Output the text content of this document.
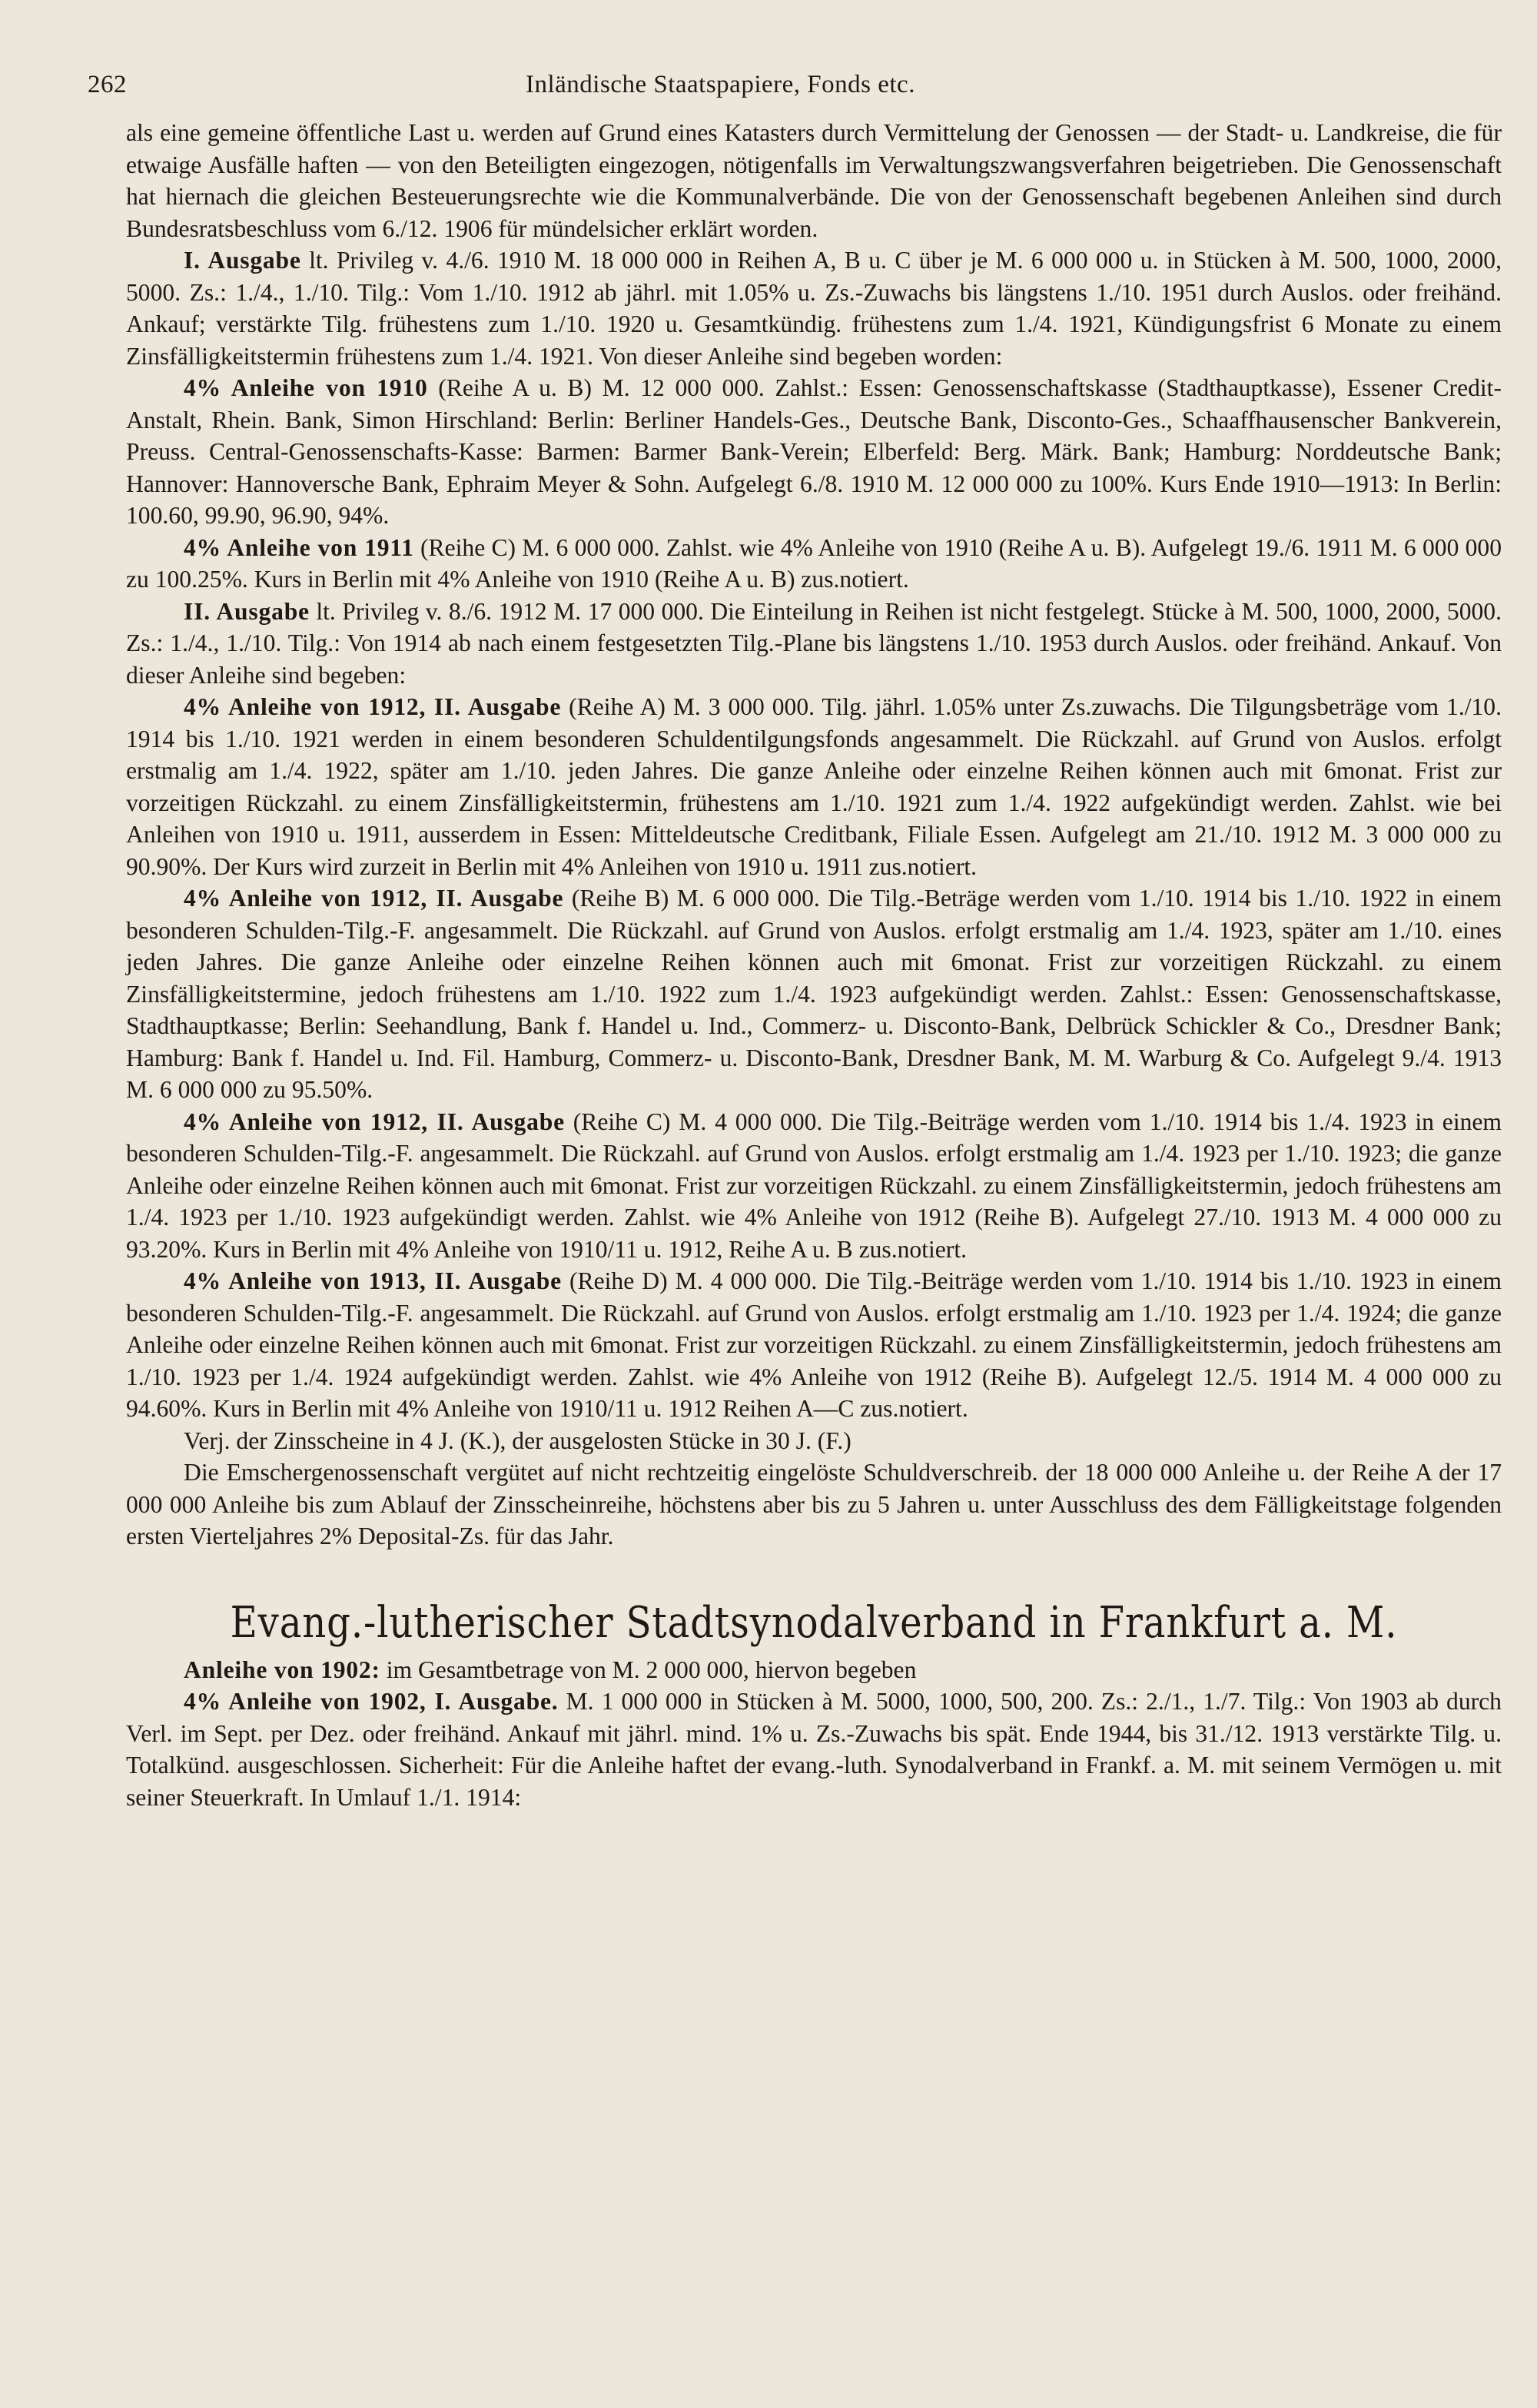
262	Inländische Staatspapiere, Fonds etc.

als eine gemeine öffentliche Last u. werden auf Grund eines Katasters durch Vermittelung der Genossen — der Stadt- u. Landkreise, die für etwaige Ausfälle haften — von den Beteiligten eingezogen, nötigenfalls im Verwaltungszwangsverfahren beigetrieben. Die Genossenschaft hat hiernach die gleichen Besteuerungsrechte wie die Kommunalverbände. Die von der Genossenschaft begebenen Anleihen sind durch Bundesratsbeschluss vom 6./12. 1906 für mündelsicher erklärt worden.

I. Ausgabe lt. Privileg v. 4./6. 1910 M. 18 000 000 in Reihen A, B u. C über je M. 6 000 000 u. in Stücken à M. 500, 1000, 2000, 5000. Zs.: 1./4., 1./10. Tilg.: Vom 1./10. 1912 ab jährl. mit 1.05% u. Zs.-Zuwachs bis längstens 1./10. 1951 durch Auslos. oder freihänd. Ankauf; verstärkte Tilg. frühestens zum 1./10. 1920 u. Gesamtkündig. frühestens zum 1./4. 1921, Kündigungsfrist 6 Monate zu einem Zinsfälligkeitstermin frühestens zum 1./4. 1921. Von dieser Anleihe sind begeben worden:

4% Anleihe von 1910 (Reihe A u. B) M. 12 000 000. Zahlst.: Essen: Genossenschaftskasse (Stadthauptkasse), Essener Credit-Anstalt, Rhein. Bank, Simon Hirschland: Berlin: Berliner Handels-Ges., Deutsche Bank, Disconto-Ges., Schaaffhausenscher Bankverein, Preuss. Central-Genossenschafts-Kasse: Barmen: Barmer Bank-Verein; Elberfeld: Berg. Märk. Bank; Hamburg: Norddeutsche Bank; Hannover: Hannoversche Bank, Ephraim Meyer & Sohn. Aufgelegt 6./8. 1910 M. 12 000 000 zu 100%. Kurs Ende 1910—1913: In Berlin: 100.60, 99.90, 96.90, 94%.

4% Anleihe von 1911 (Reihe C) M. 6 000 000. Zahlst. wie 4% Anleihe von 1910 (Reihe A u. B). Aufgelegt 19./6. 1911 M. 6 000 000 zu 100.25%. Kurs in Berlin mit 4% Anleihe von 1910 (Reihe A u. B) zus.notiert.

II. Ausgabe lt. Privileg v. 8./6. 1912 M. 17 000 000. Die Einteilung in Reihen ist nicht festgelegt. Stücke à M. 500, 1000, 2000, 5000. Zs.: 1./4., 1./10. Tilg.: Von 1914 ab nach einem festgesetzten Tilg.-Plane bis längstens 1./10. 1953 durch Auslos. oder freihänd. Ankauf. Von dieser Anleihe sind begeben:

4% Anleihe von 1912, II. Ausgabe (Reihe A) M. 3 000 000. Tilg. jährl. 1.05% unter Zs.zuwachs. Die Tilgungsbeträge vom 1./10. 1914 bis 1./10. 1921 werden in einem besonderen Schuldentilgungsfonds angesammelt. Die Rückzahl. auf Grund von Auslos. erfolgt erstmalig am 1./4. 1922, später am 1./10. jeden Jahres. Die ganze Anleihe oder einzelne Reihen können auch mit 6monat. Frist zur vorzeitigen Rückzahl. zu einem Zinsfälligkeitstermin, frühestens am 1./10. 1921 zum 1./4. 1922 aufgekündigt werden. Zahlst. wie bei Anleihen von 1910 u. 1911, ausserdem in Essen: Mitteldeutsche Creditbank, Filiale Essen. Aufgelegt am 21./10. 1912 M. 3 000 000 zu 90.90%. Der Kurs wird zurzeit in Berlin mit 4% Anleihen von 1910 u. 1911 zus.notiert.

4% Anleihe von 1912, II. Ausgabe (Reihe B) M. 6 000 000. Die Tilg.-Beträge werden vom 1./10. 1914 bis 1./10. 1922 in einem besonderen Schulden-Tilg.-F. angesammelt. Die Rückzahl. auf Grund von Auslos. erfolgt erstmalig am 1./4. 1923, später am 1./10. eines jeden Jahres. Die ganze Anleihe oder einzelne Reihen können auch mit 6monat. Frist zur vorzeitigen Rückzahl. zu einem Zinsfälligkeitstermine, jedoch frühestens am 1./10. 1922 zum 1./4. 1923 aufgekündigt werden. Zahlst.: Essen: Genossenschaftskasse, Stadthauptkasse; Berlin: Seehandlung, Bank f. Handel u. Ind., Commerz- u. Disconto-Bank, Delbrück Schickler & Co., Dresdner Bank; Hamburg: Bank f. Handel u. Ind. Fil. Hamburg, Commerz- u. Disconto-Bank, Dresdner Bank, M. M. Warburg & Co. Aufgelegt 9./4. 1913 M. 6 000 000 zu 95.50%.

4% Anleihe von 1912, II. Ausgabe (Reihe C) M. 4 000 000. Die Tilg.-Beiträge werden vom 1./10. 1914 bis 1./4. 1923 in einem besonderen Schulden-Tilg.-F. angesammelt. Die Rückzahl. auf Grund von Auslos. erfolgt erstmalig am 1./4. 1923 per 1./10. 1923; die ganze Anleihe oder einzelne Reihen können auch mit 6monat. Frist zur vorzeitigen Rückzahl. zu einem Zinsfälligkeitstermin, jedoch frühestens am 1./4. 1923 per 1./10. 1923 aufgekündigt werden. Zahlst. wie 4% Anleihe von 1912 (Reihe B). Aufgelegt 27./10. 1913 M. 4 000 000 zu 93.20%. Kurs in Berlin mit 4% Anleihe von 1910/11 u. 1912, Reihe A u. B zus.notiert.

4% Anleihe von 1913, II. Ausgabe (Reihe D) M. 4 000 000. Die Tilg.-Beiträge werden vom 1./10. 1914 bis 1./10. 1923 in einem besonderen Schulden-Tilg.-F. angesammelt. Die Rückzahl. auf Grund von Auslos. erfolgt erstmalig am 1./10. 1923 per 1./4. 1924; die ganze Anleihe oder einzelne Reihen können auch mit 6monat. Frist zur vorzeitigen Rückzahl. zu einem Zinsfälligkeitstermin, jedoch frühestens am 1./10. 1923 per 1./4. 1924 aufgekündigt werden. Zahlst. wie 4% Anleihe von 1912 (Reihe B). Aufgelegt 12./5. 1914 M. 4 000 000 zu 94.60%. Kurs in Berlin mit 4% Anleihe von 1910/11 u. 1912 Reihen A—C zus.notiert.

Verj. der Zinsscheine in 4 J. (K.), der ausgelosten Stücke in 30 J. (F.)

Die Emschergenossenschaft vergütet auf nicht rechtzeitig eingelöste Schuldverschreib. der 18 000 000 Anleihe u. der Reihe A der 17 000 000 Anleihe bis zum Ablauf der Zinsscheinreihe, höchstens aber bis zu 5 Jahren u. unter Ausschluss des dem Fälligkeitstage folgenden ersten Vierteljahres 2% Deposital-Zs. für das Jahr.

Evang.-lutherischer Stadtsynodalverband in Frankfurt a. M.

Anleihe von 1902: im Gesamtbetrage von M. 2 000 000, hiervon begeben

4% Anleihe von 1902, I. Ausgabe. M. 1 000 000 in Stücken à M. 5000, 1000, 500, 200. Zs.: 2./1., 1./7. Tilg.: Von 1903 ab durch Verl. im Sept. per Dez. oder freihänd. Ankauf mit jährl. mind. 1% u. Zs.-Zuwachs bis spät. Ende 1944, bis 31./12. 1913 verstärkte Tilg. u. Totalkünd. ausgeschlossen. Sicherheit: Für die Anleihe haftet der evang.-luth. Synodalverband in Frankf. a. M. mit seinem Vermögen u. mit seiner Steuerkraft. In Umlauf 1./1. 1914:
